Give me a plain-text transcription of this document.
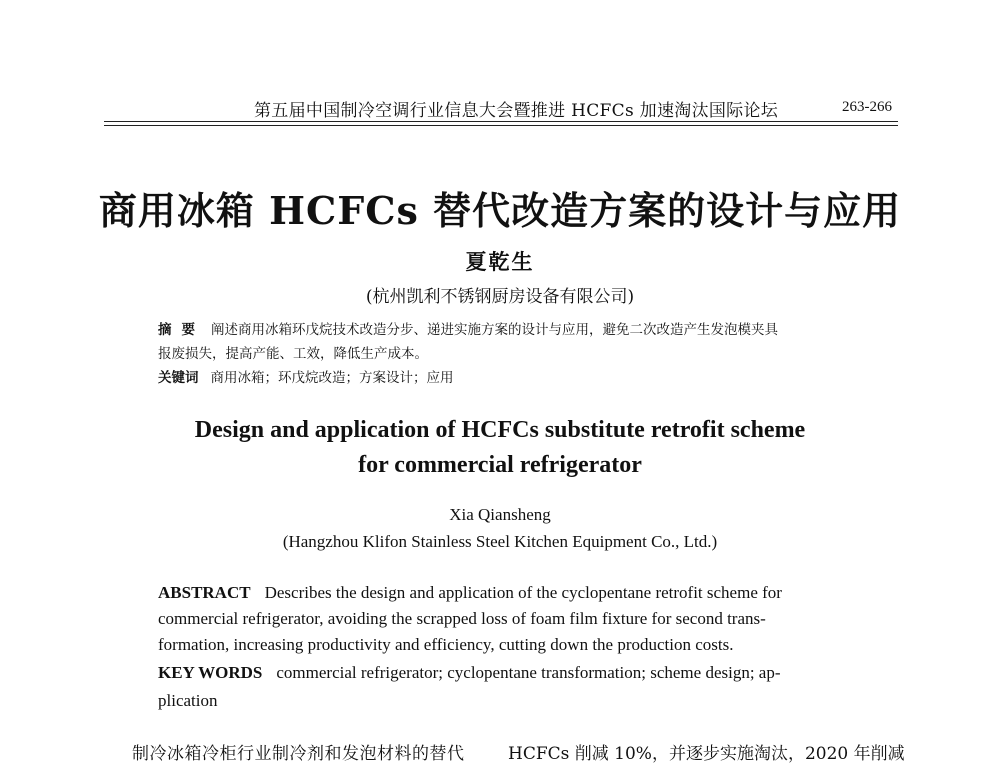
第五届中国制冷空调行业信息大会暨推进 HCFCs 加速淘汰国际论坛	263-266
商用冰箱 HCFCs 替代改造方案的设计与应用
夏乾生
(杭州凯利不锈钢厨房设备有限公司)
摘要 阐述商用冰箱环戊烷技术改造分步、递进实施方案的设计与应用，避免二次改造产生发泡模夹具
报废损失，提高产能、工效，降低生产成本。
关键词 商用冰箱；环戊烷改造；方案设计；应用
Design and application of HCFCs substitute retrofit scheme
for commercial refrigerator
Xia Qiansheng
(Hangzhou Klifon Stainless Steel Kitchen Equipment Co., Ltd.)
ABSTRACT Describes the design and application of the cyclopentane retrofit scheme for
commercial refrigerator, avoiding the scrapped loss of foam film fixture for second trans-
formation, increasing productivity and efficiency, cutting down the production costs.
KEY WORDS commercial refrigerator; cyclopentane transformation; scheme design; ap-
plication
制冷冰箱冷柜行业制冷剂和发泡材料的替代	HCFCs 削减 10%，并逐步实施淘汰，2020 年削减
